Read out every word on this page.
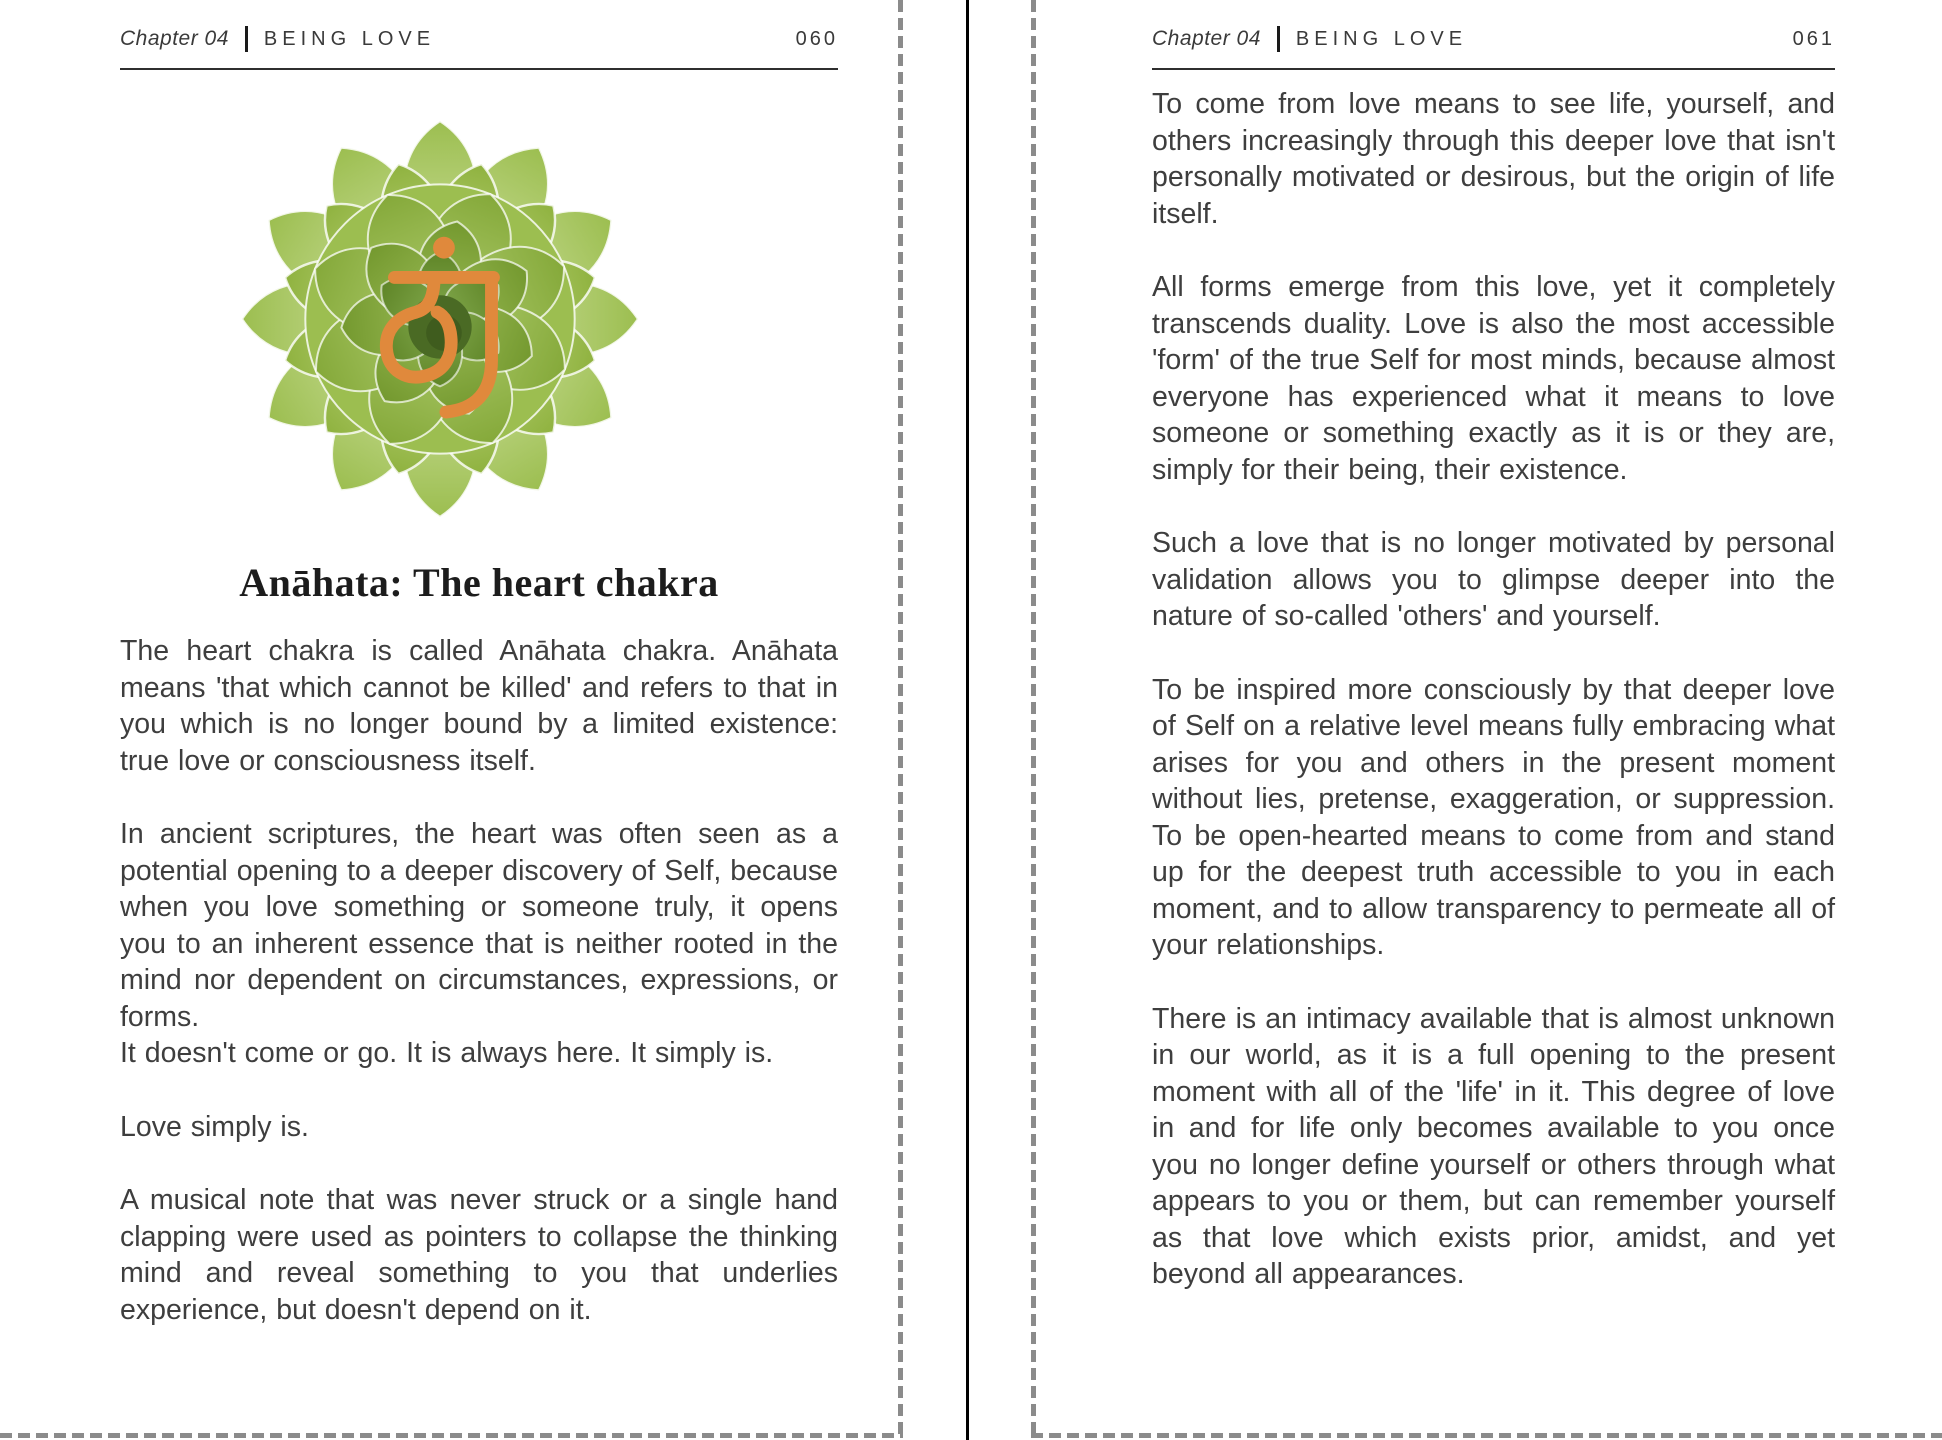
Chapter 04 BEING LOVE	060
Anāhata: The heart chakra

The heart chakra is called Anāhata chakra. Anāhata means 'that which cannot be killed' and refers to that in you which is no longer bound by a limited existence: true love or consciousness itself.

In ancient scriptures, the heart was often seen as a potential opening to a deeper discovery of Self, because when you love something or someone truly, it opens you to an inherent essence that is neither rooted in the mind nor dependent on circumstances, expressions, or forms.

It doesn't come or go. It is always here. It simply is.

Love simply is.

A musical note that was never struck or a single hand clapping were used as pointers to collapse the thinking mind and reveal something to you that underlies experience, but doesn't depend on it.

Chapter 04 BEING LOVE	061

To come from love means to see life, yourself, and others increasingly through this deeper love that isn't personally motivated or desirous, but the origin of life itself.

All forms emerge from this love, yet it completely transcends duality. Love is also the most accessible 'form' of the true Self for most minds, because almost everyone has experienced what it means to love someone or something exactly as it is or they are, simply for their being, their existence.

Such a love that is no longer motivated by personal validation allows you to glimpse deeper into the nature of so-called 'others' and yourself.

To be inspired more consciously by that deeper love of Self on a relative level means fully embracing what arises for you and others in the present moment without lies, pretense, exaggeration, or suppression. To be open-hearted means to come from and stand up for the deepest truth accessible to you in each moment, and to allow transparency to permeate all of your relationships.

There is an intimacy available that is almost unknown in our world, as it is a full opening to the present moment with all of the 'life' in it. This degree of love in and for life only becomes available to you once you no longer define yourself or others through what appears to you or them, but can remember yourself as that love which exists prior, amidst, and yet beyond all appearances.
